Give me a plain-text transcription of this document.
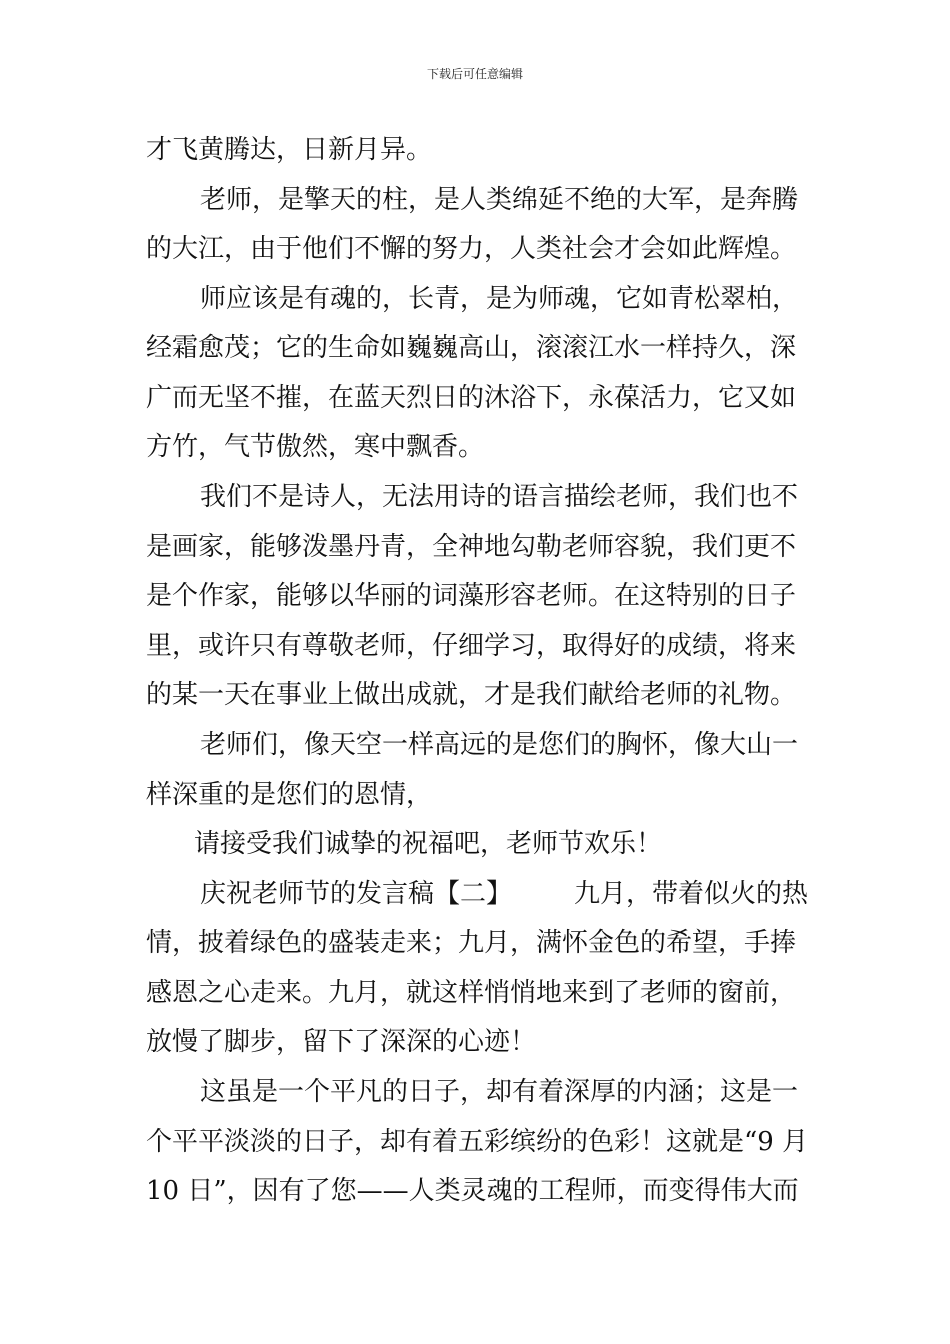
下载后可任意编辑
才飞黄腾达，日新月异。
老师，是擎天的柱，是人类绵延不绝的大军，是奔腾
的大江，由于他们不懈的努力，人类社会才会如此辉煌。
师应该是有魂的，长青，是为师魂，它如青松翠柏，
经霜愈茂；它的生命如巍巍高山，滚滚江水一样持久，深
广而无坚不摧，在蓝天烈日的沐浴下，永葆活力，它又如
方竹，气节傲然，寒中飘香。
我们不是诗人，无法用诗的语言描绘老师，我们也不
是画家，能够泼墨丹青，全神地勾勒老师容貌，我们更不
是个作家，能够以华丽的词藻形容老师。在这特别的日子
里，或许只有尊敬老师，仔细学习，取得好的成绩，将来
的某一天在事业上做出成就，才是我们献给老师的礼物。
老师们，像天空一样高远的是您们的胸怀，像大山一
样深重的是您们的恩情，
请接受我们诚挚的祝福吧，老师节欢乐！
庆祝老师节的发言稿【二】 九月，带着似火的热
情，披着绿色的盛装走来；九月，满怀金色的希望，手捧
感恩之心走来。九月，就这样悄悄地来到了老师的窗前，
放慢了脚步，留下了深深的心迹！
这虽是一个平凡的日子，却有着深厚的内涵；这是一
个平平淡淡的日子，却有着五彩缤纷的色彩！这就是“9 月
10 日”，因有了您——人类灵魂的工程师，而变得伟大而
